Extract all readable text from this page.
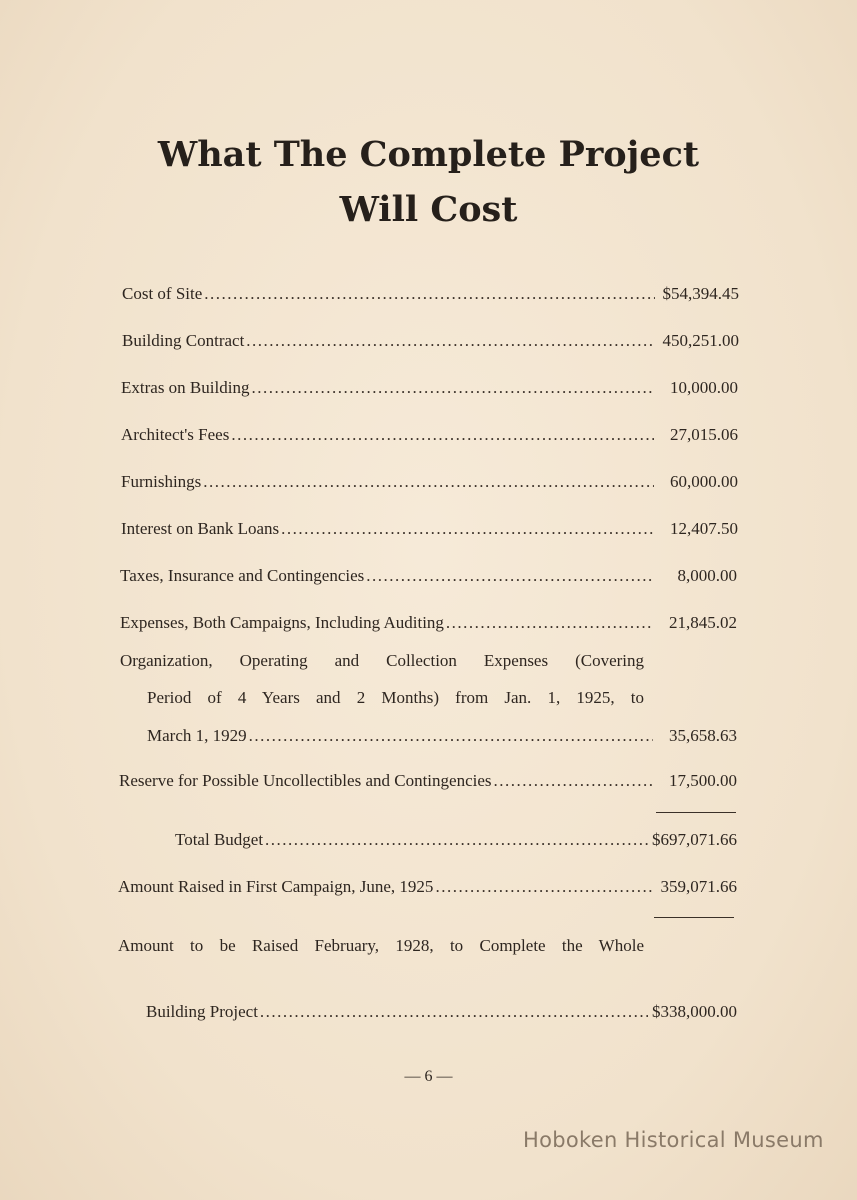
What The Complete Project
Will Cost
Cost of Site .....	$54,394.45
Building Contract .....	450,251.00
Extras on Building .....	10,000.00
Architect's Fees .....	27,015.06
Furnishings .....	60,000.00
Interest on Bank Loans .....	12,407.50
Taxes, Insurance and Contingencies .....	8,000.00
Expenses, Both Campaigns, Including Auditing .....	21,845.02
Organization, Operating and Collection Expenses (Covering
Period of 4 Years and 2 Months) from Jan. 1, 1925, to
March 1, 1929 .....	35,658.63
Reserve for Possible Uncollectibles and Contingencies .....	17,500.00
Total Budget .....	$697,071.66
Amount Raised in First Campaign, June, 1925 .....	359,071.66
Amount to be Raised February, 1928, to Complete the Whole
Building Project .....	$338,000.00
— 6 —
Hoboken Historical Museum
